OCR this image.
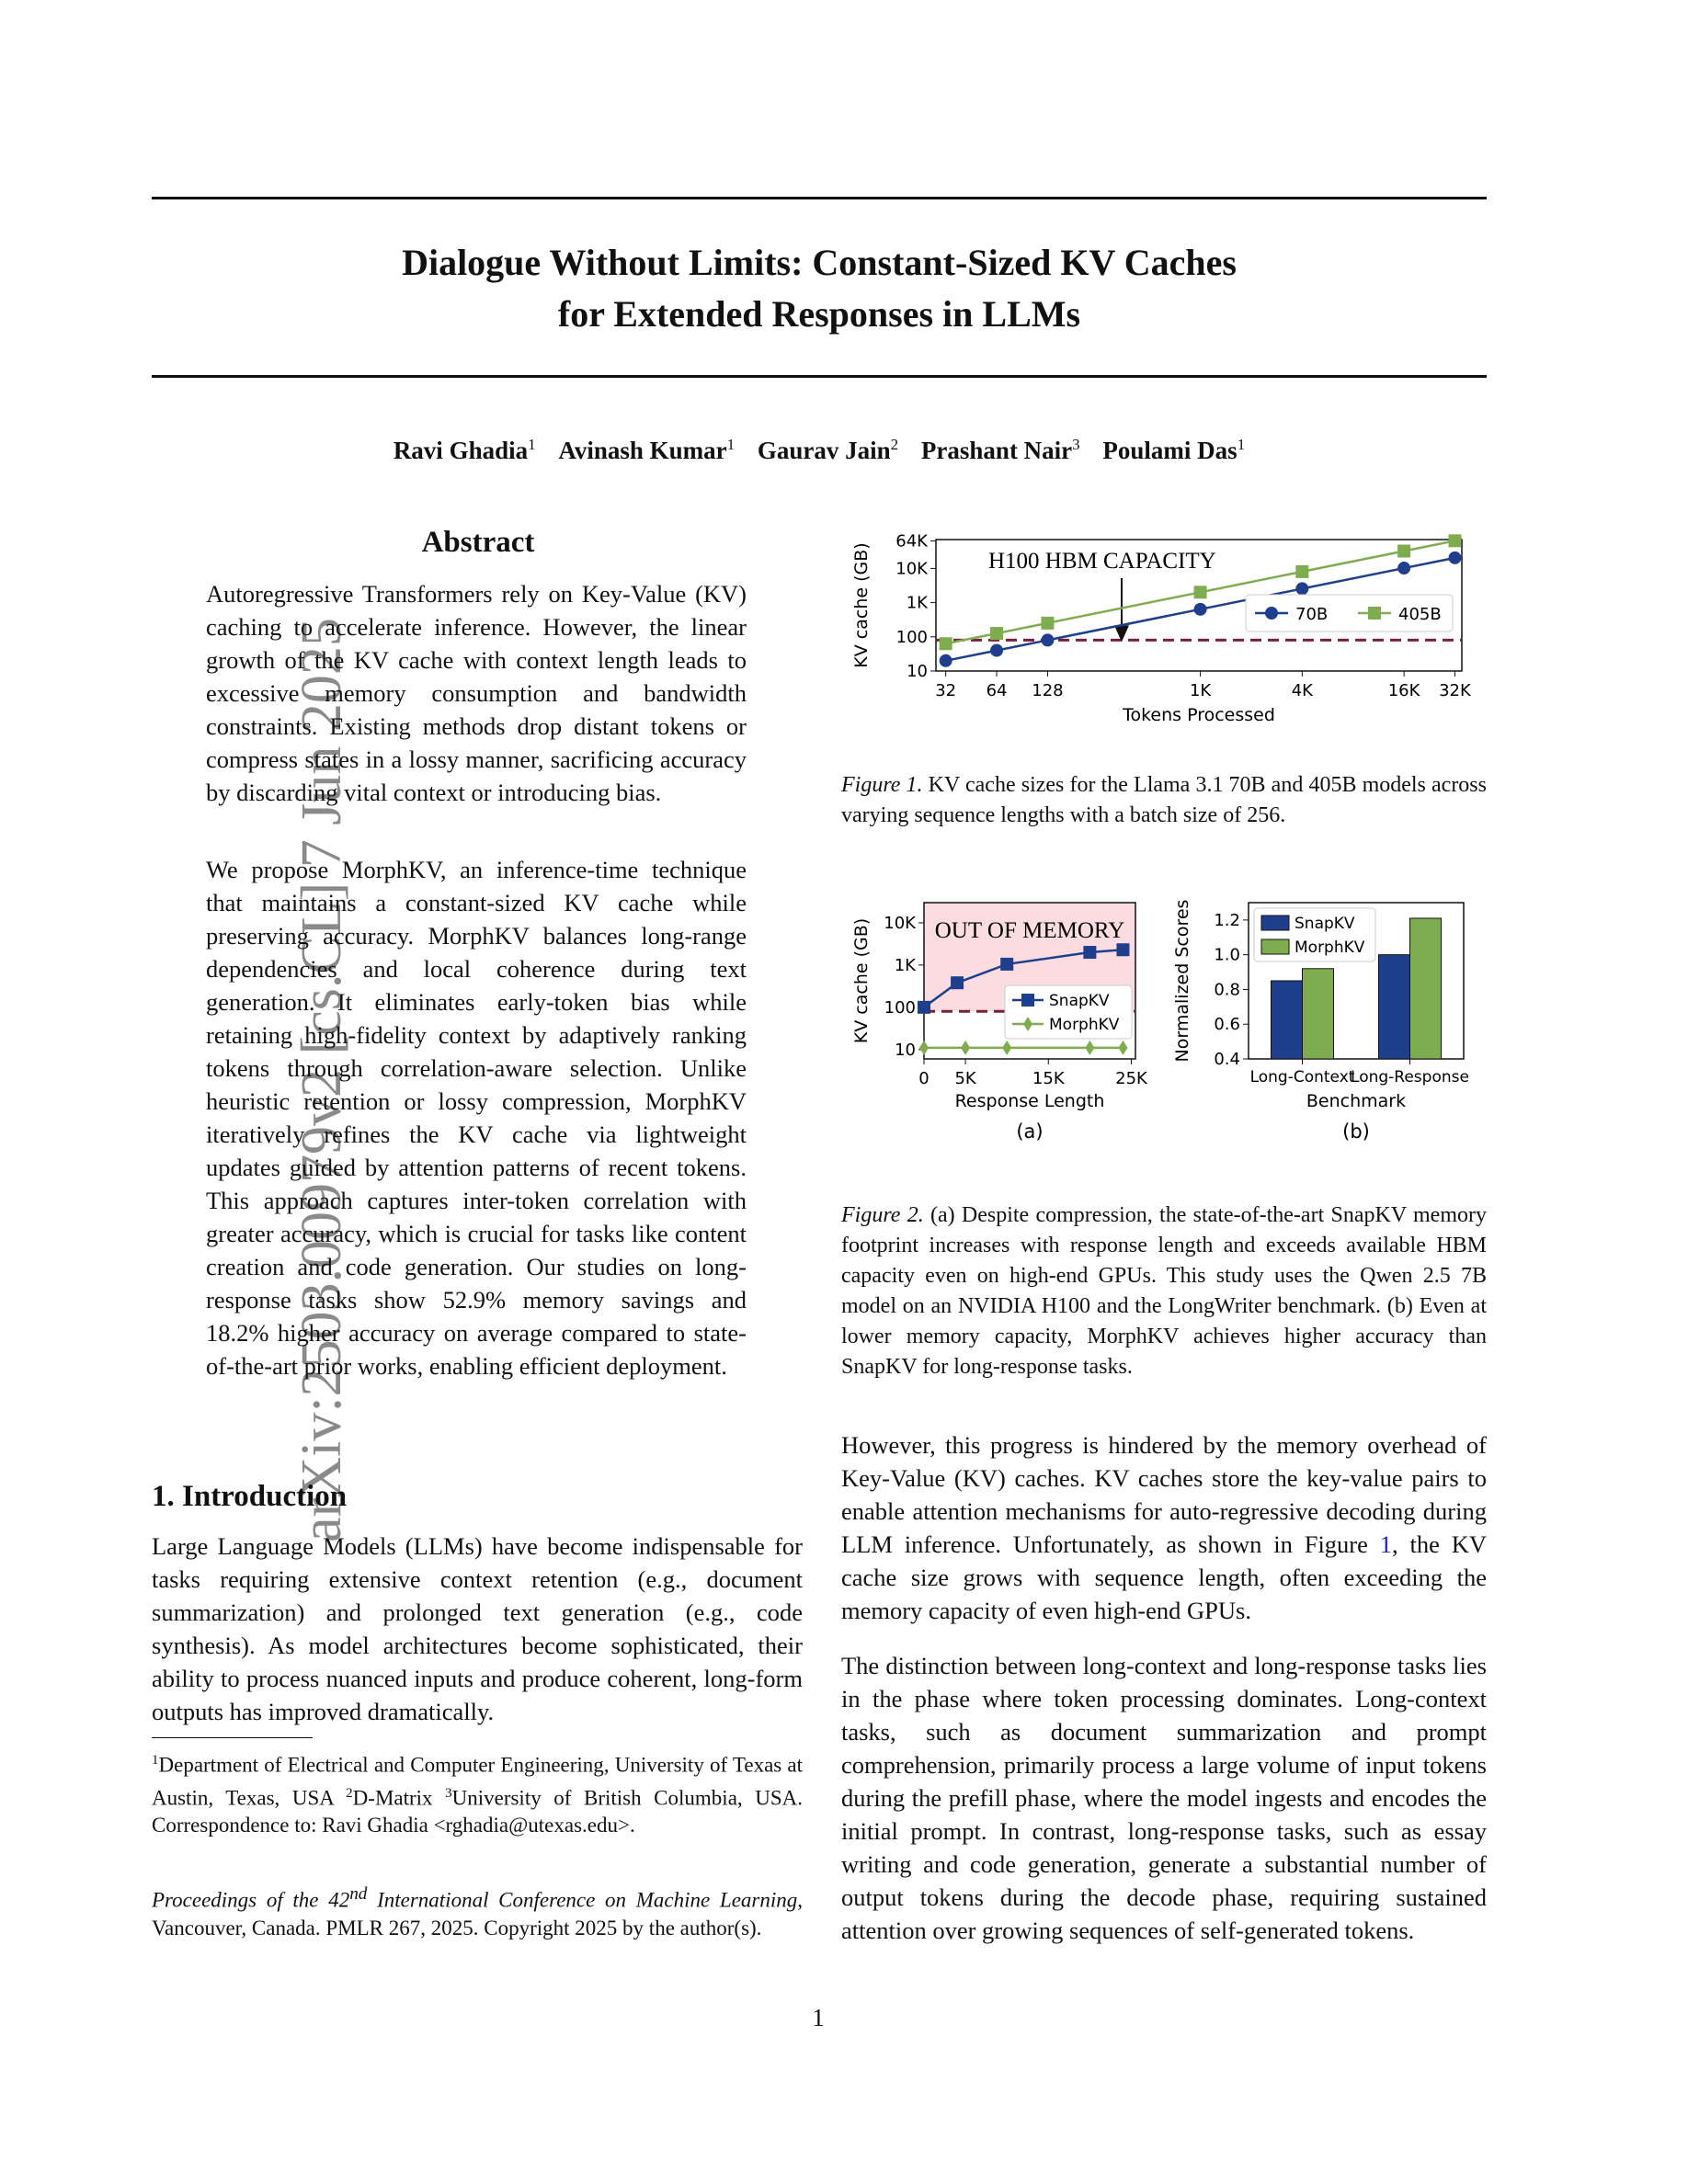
arXiv:2503.00979v2 [cs.CL] 7 Jun 2025
Dialogue Without Limits: Constant-Sized KV Caches
for Extended Responses in LLMs
Ravi Ghadia$^1$ Avinash Kumar$^1$ Gaurav Jain$^2$ Prashant Nair$^3$ Poulami Das$^1$
Abstract
Autoregressive Transformers rely on Key-Value (KV) caching to accelerate inference. However, the linear growth of the KV cache with context length leads to excessive memory consumption and bandwidth constraints. Existing methods drop distant tokens or compress states in a lossy manner, sacrificing accuracy by discarding vital context or introducing bias.
We propose MorphKV, an inference-time technique that maintains a constant-sized KV cache while preserving accuracy. MorphKV balances long-range dependencies and local coherence during text generation. It eliminates early-token bias while retaining high-fidelity context by adaptively ranking tokens through correlation-aware selection. Unlike heuristic retention or lossy compression, MorphKV iteratively refines the KV cache via lightweight updates guided by attention patterns of recent tokens. This approach captures inter-token correlation with greater accuracy, which is crucial for tasks like content creation and code generation. Our studies on long-response tasks show 52.9% memory savings and 18.2% higher accuracy on average compared to state-of-the-art prior works, enabling efficient deployment.
1. Introduction
Large Language Models (LLMs) have become indispensable for tasks requiring extensive context retention (e.g., document summarization) and prolonged text generation (e.g., code synthesis). As model architectures become sophisticated, their ability to process nuanced inputs and produce coherent, long-form outputs has improved dramatically.
$^1$Department of Electrical and Computer Engineering, University of Texas at Austin, Texas, USA $^2$D-Matrix $^3$University of British Columbia, USA. Correspondence to: Ravi Ghadia <rghadia@utexas.edu>.
Proceedings of the 42nd International Conference on Machine Learning, Vancouver, Canada. PMLR 267, 2025. Copyright 2025 by the author(s).
10
100
1K
10K
64K
32 64 128	1K	4K	16K 32K
Tokens Processed
KV cache (GB)	H100 HBM CAPACITY
70B	405B
Figure 1. KV cache sizes for the Llama 3.1 70B and 405B models across varying sequence lengths with a batch size of 256.
OUT OF MEMORY
10
100
1K
10K
0 5K	15K	25K
Response Length
(a)
KV cache (GB)	SnapKV
MorphKV
0.4
0.6
0.8
1.0
1.2
Long-Context
Long-Response
Benchmark
(b)
Normalized Scores	SnapKV
MorphKV
Figure 2. (a) Despite compression, the state-of-the-art SnapKV memory footprint increases with response length and exceeds available HBM capacity even on high-end GPUs. This study uses the Qwen 2.5 7B model on an NVIDIA H100 and the LongWriter benchmark. (b) Even at lower memory capacity, MorphKV achieves higher accuracy than SnapKV for long-response tasks.
However, this progress is hindered by the memory overhead of Key-Value (KV) caches. KV caches store the key-value pairs to enable attention mechanisms for auto-regressive decoding during LLM inference. Unfortunately, as shown in Figure 1, the KV cache size grows with sequence length, often exceeding the memory capacity of even high-end GPUs.
The distinction between long-context and long-response tasks lies in the phase where token processing dominates. Long-context tasks, such as document summarization and prompt comprehension, primarily process a large volume of input tokens during the prefill phase, where the model ingests and encodes the initial prompt. In contrast, long-response tasks, such as essay writing and code generation, generate a substantial number of output tokens during the decode phase, requiring sustained attention over growing sequences of self-generated tokens.
1
